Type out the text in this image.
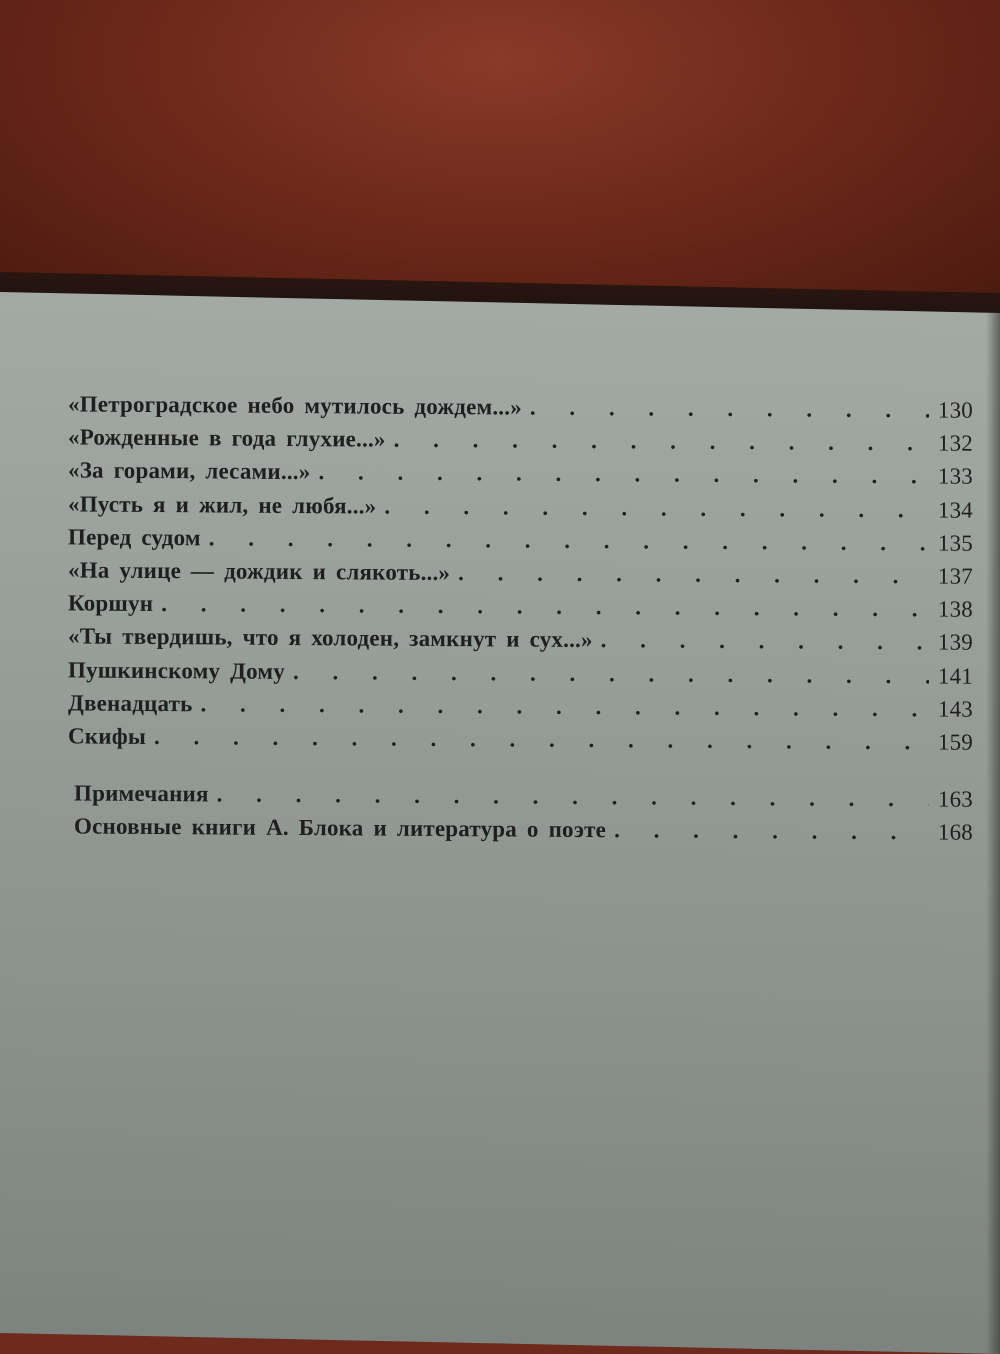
«Петроградское небо мутилось дождем...» . . .	130
«Рожденные в года глухие...» . . .	132
«За горами, лесами...» . . .	133
«Пусть я и жил, не любя...» . . .	134
Перед судом . . .	135
«На улице — дождик и слякоть...» . . .	137
Коршун . . .	138
«Ты твердишь, что я холоден, замкнут и сух...» . . .	139
Пушкинскому Дому . . .	141
Двенадцать . . .	143
Скифы . . .	159
Примечания . . .	163
Основные книги А. Блока и литература о поэте . . .	168
